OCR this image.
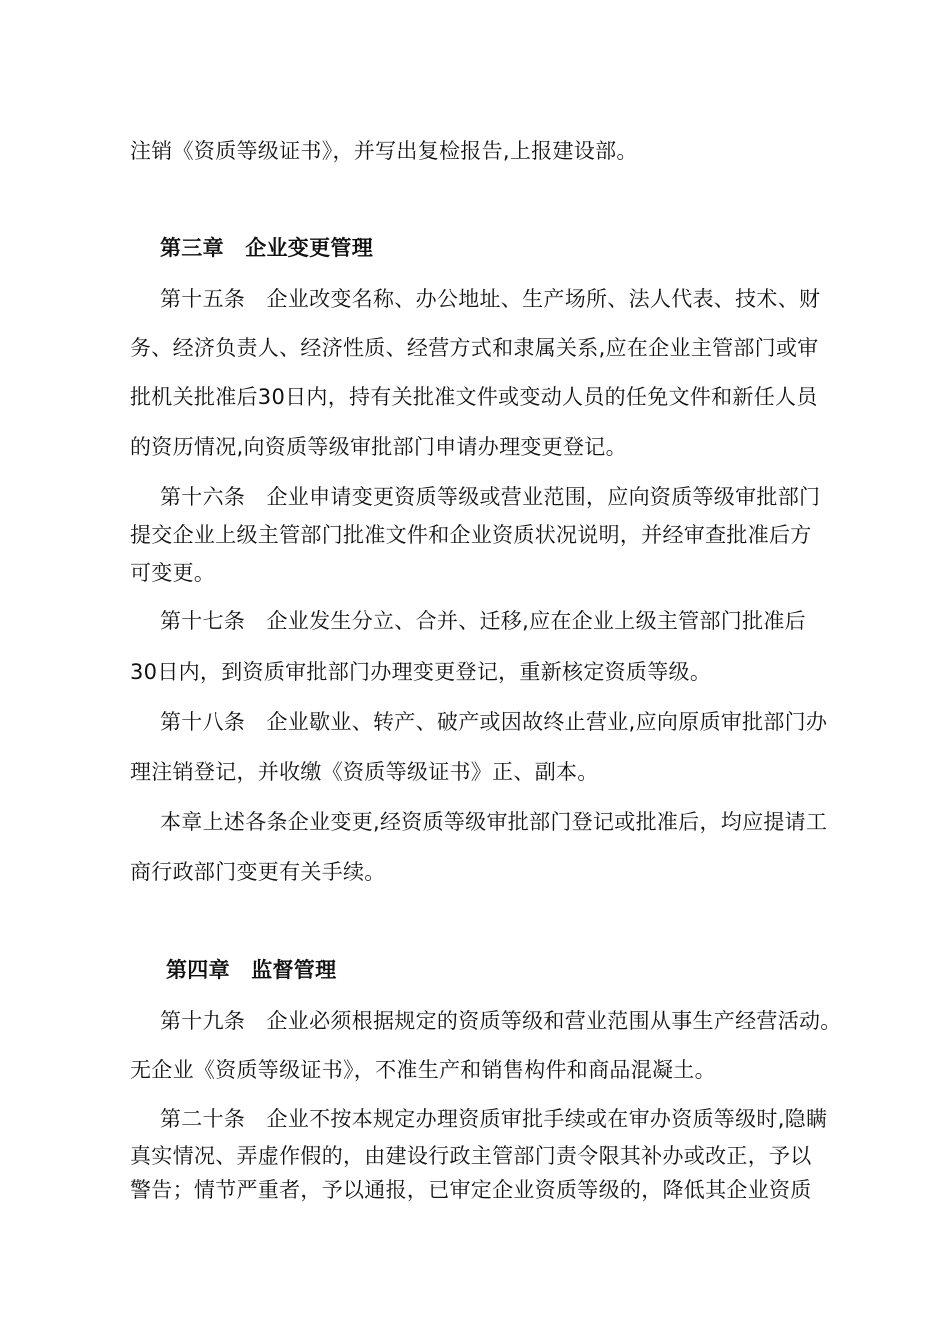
注销《资质等级证书》，并写出复检报告,上报建设部。
第三章　企业变更管理
第十五条　企业改变名称、办公地址、生产场所、法人代表、技术、财
务、经济负责人、经济性质、经营方式和隶属关系,应在企业主管部门或审
批机关批准后30日内，持有关批准文件或变动人员的任免文件和新任人员
的资历情况,向资质等级审批部门申请办理变更登记。
第十六条　企业申请变更资质等级或营业范围，应向资质等级审批部门
提交企业上级主管部门批准文件和企业资质状况说明，并经审查批准后方
可变更。
第十七条　企业发生分立、合并、迁移,应在企业上级主管部门批准后
30日内，到资质审批部门办理变更登记，重新核定资质等级。
第十八条　企业歇业、转产、破产或因故终止营业,应向原质审批部门办
理注销登记，并收缴《资质等级证书》正、副本。
本章上述各条企业变更,经资质等级审批部门登记或批准后，均应提请工
商行政部门变更有关手续。
第四章　监督管理
第十九条　企业必须根据规定的资质等级和营业范围从事生产经营活动。
无企业《资质等级证书》，不准生产和销售构件和商品混凝土。
第二十条　企业不按本规定办理资质审批手续或在审办资质等级时,隐瞒
真实情况、弄虚作假的，由建设行政主管部门责令限其补办或改正，予以
警告；情节严重者，予以通报，已审定企业资质等级的，降低其企业资质
